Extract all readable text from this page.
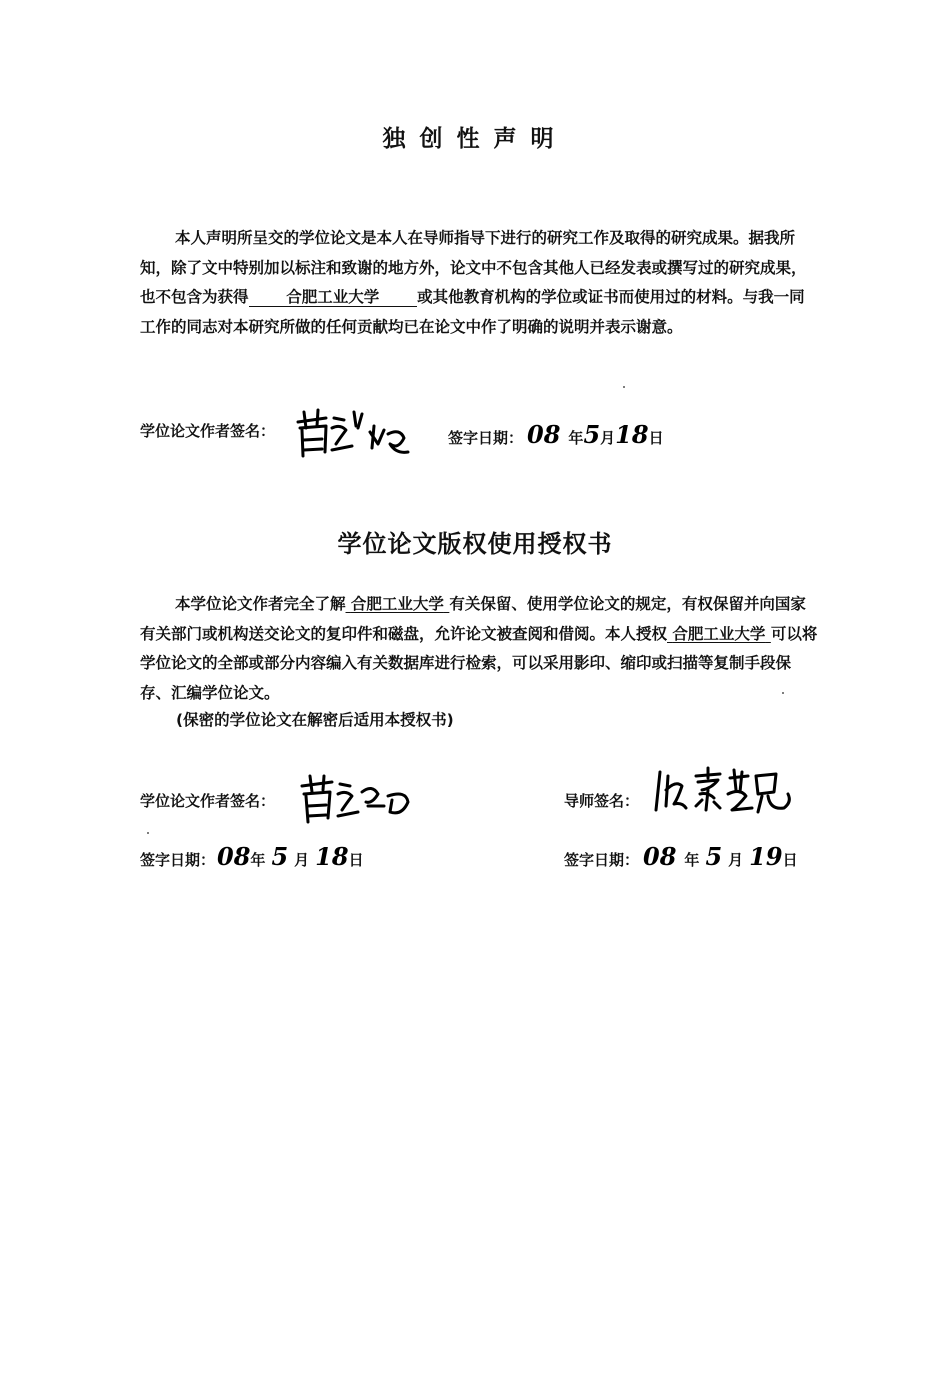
独创性声明
本人声明所呈交的学位论文是本人在导师指导下进行的研究工作及取得的研究成果。据我所知，除了文中特别加以标注和致谢的地方外，论文中不包含其他人已经发表或撰写过的研究成果，也不包含为获得 合肥工业大学 或其他教育机构的学位或证书而使用过的材料。与我一同工作的同志对本研究所做的任何贡献均已在论文中作了明确的说明并表示谢意。
学位论文作者签名：	签字日期： 08 年5月18日
学位论文版权使用授权书
本学位论文作者完全了解 合肥工业大学 有关保留、使用学位论文的规定，有权保留并向国家有关部门或机构送交论文的复印件和磁盘，允许论文被查阅和借阅。本人授权 合肥工业大学 可以将学位论文的全部或部分内容编入有关数据库进行检索，可以采用影印、缩印或扫描等复制手段保存、汇编学位论文。
(保密的学位论文在解密后适用本授权书)
学位论文作者签名：	导师签名：
签字日期：08年 5 月 18日	签字日期： 08 年 5 月 19日
